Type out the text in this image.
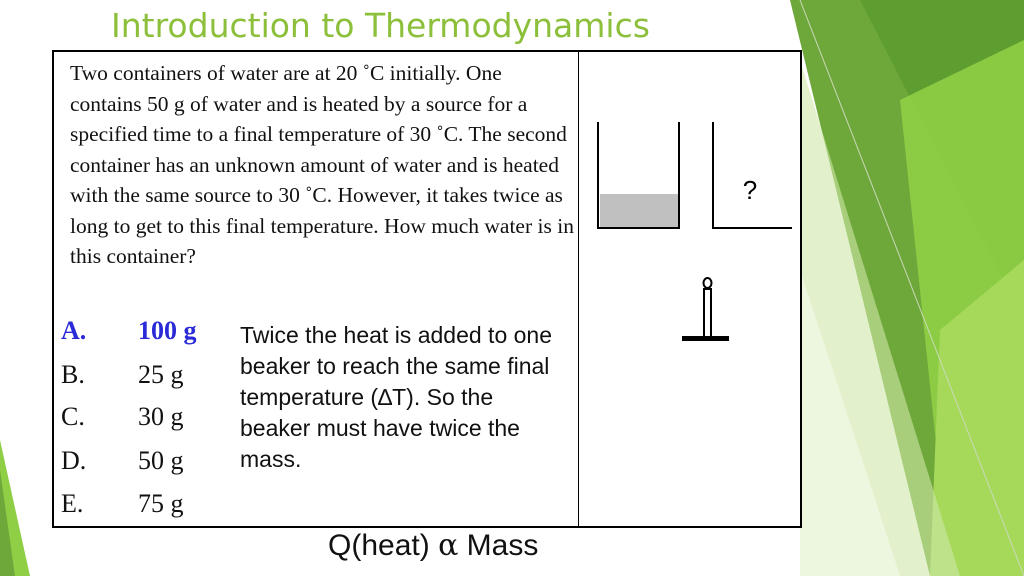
Introduction to Thermodynamics
Two containers of water are at 20 ˚C initially. One contains 50 g of water and is heated by a source for a specified time to a final temperature of 30 ˚C. The second container has an unknown amount of water and is heated with the same source to 30 ˚C. However, it takes twice as long to get to this final temperature. How much water is in this container?
A. 100 g
B. 25 g
C. 30 g
D. 50 g
E. 75 g
Twice the heat is added to one beaker to reach the same final temperature (∆T). So the beaker must have twice the mass.
?
Q(heat) α Mass
